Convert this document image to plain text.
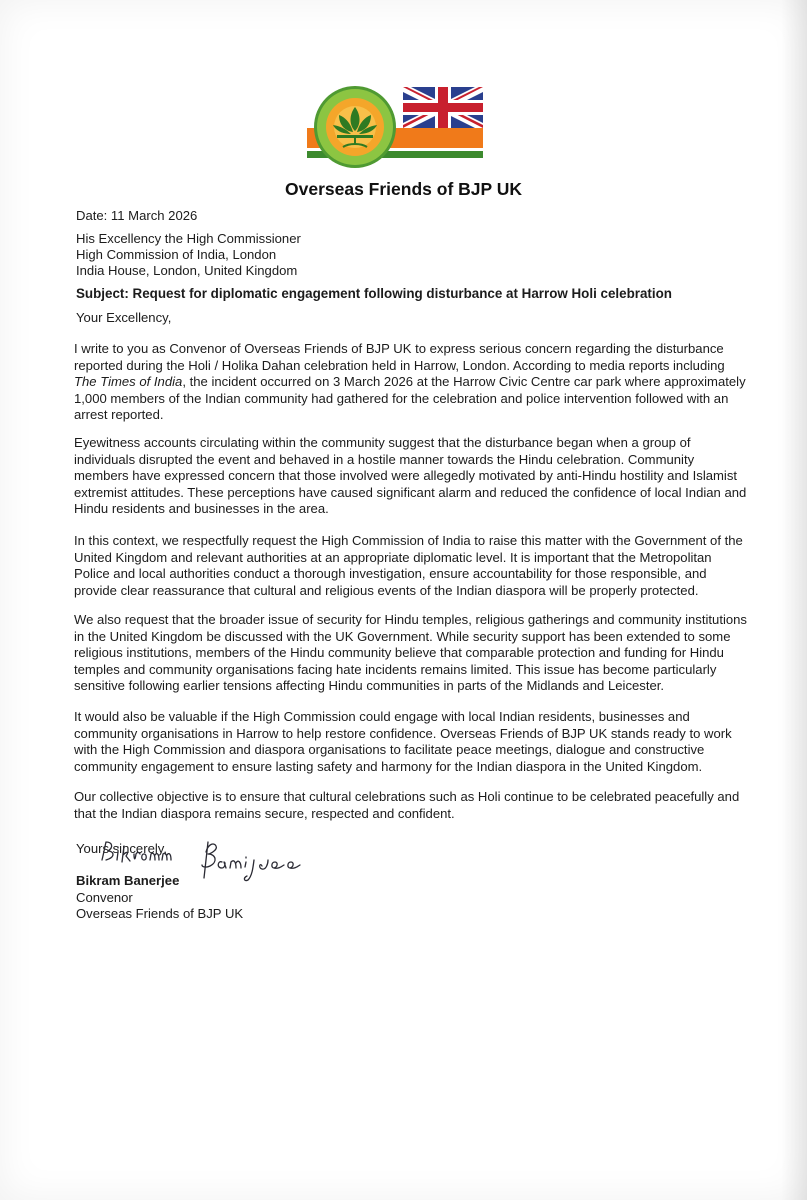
Overseas Friends of BJP UK
Date: 11 March 2026
His Excellency the High Commissioner
High Commission of India, London
India House, London, United Kingdom
Subject: Request for diplomatic engagement following disturbance at Harrow Holi celebration
Your Excellency,
I write to you as Convenor of Overseas Friends of BJP UK to express serious concern regarding the disturbance
reported during the Holi / Holika Dahan celebration held in Harrow, London. According to media reports including
The Times of India, the incident occurred on 3 March 2026 at the Harrow Civic Centre car park where approximately
1,000 members of the Indian community had gathered for the celebration and police intervention followed with an
arrest reported.
Eyewitness accounts circulating within the community suggest that the disturbance began when a group of
individuals disrupted the event and behaved in a hostile manner towards the Hindu celebration. Community
members have expressed concern that those involved were allegedly motivated by anti-Hindu hostility and Islamist
extremist attitudes. These perceptions have caused significant alarm and reduced the confidence of local Indian and
Hindu residents and businesses in the area.
In this context, we respectfully request the High Commission of India to raise this matter with the Government of the
United Kingdom and relevant authorities at an appropriate diplomatic level. It is important that the Metropolitan
Police and local authorities conduct a thorough investigation, ensure accountability for those responsible, and
provide clear reassurance that cultural and religious events of the Indian diaspora will be properly protected.
We also request that the broader issue of security for Hindu temples, religious gatherings and community institutions
in the United Kingdom be discussed with the UK Government. While security support has been extended to some
religious institutions, members of the Hindu community believe that comparable protection and funding for Hindu
temples and community organisations facing hate incidents remains limited. This issue has become particularly
sensitive following earlier tensions affecting Hindu communities in parts of the Midlands and Leicester.
It would also be valuable if the High Commission could engage with local Indian residents, businesses and
community organisations in Harrow to help restore confidence. Overseas Friends of BJP UK stands ready to work
with the High Commission and diaspora organisations to facilitate peace meetings, dialogue and constructive
community engagement to ensure lasting safety and harmony for the Indian diaspora in the United Kingdom.
Our collective objective is to ensure that cultural celebrations such as Holi continue to be celebrated peacefully and
that the Indian diaspora remains secure, respected and confident.
Yours sincerely,
Bikram Banerjee
Convenor
Overseas Friends of BJP UK
